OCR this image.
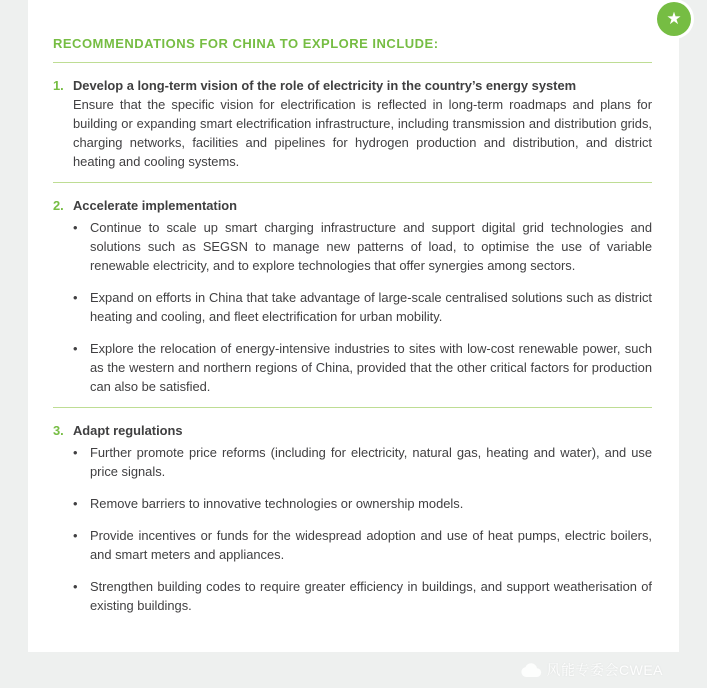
RECOMMENDATIONS FOR CHINA TO EXPLORE INCLUDE:
1. Develop a long-term vision of the role of electricity in the country’s energy system
Ensure that the specific vision for electrification is reflected in long-term roadmaps and plans for building or expanding smart electrification infrastructure, including transmission and distribution grids, charging networks, facilities and pipelines for hydrogen production and distribution, and district heating and cooling systems.
2. Accelerate implementation
• Continue to scale up smart charging infrastructure and support digital grid technologies and solutions such as SEGSN to manage new patterns of load, to optimise the use of variable renewable electricity, and to explore technologies that offer synergies among sectors.
• Expand on efforts in China that take advantage of large-scale centralised solutions such as district heating and cooling, and fleet electrification for urban mobility.
• Explore the relocation of energy-intensive industries to sites with low-cost renewable power, such as the western and northern regions of China, provided that the other critical factors for production can also be satisfied.
3. Adapt regulations
• Further promote price reforms (including for electricity, natural gas, heating and water), and use price signals.
• Remove barriers to innovative technologies or ownership models.
• Provide incentives or funds for the widespread adoption and use of heat pumps, electric boilers, and smart meters and appliances.
• Strengthen building codes to require greater efficiency in buildings, and support weatherisation of existing buildings.
★
风能专委会CWEA
